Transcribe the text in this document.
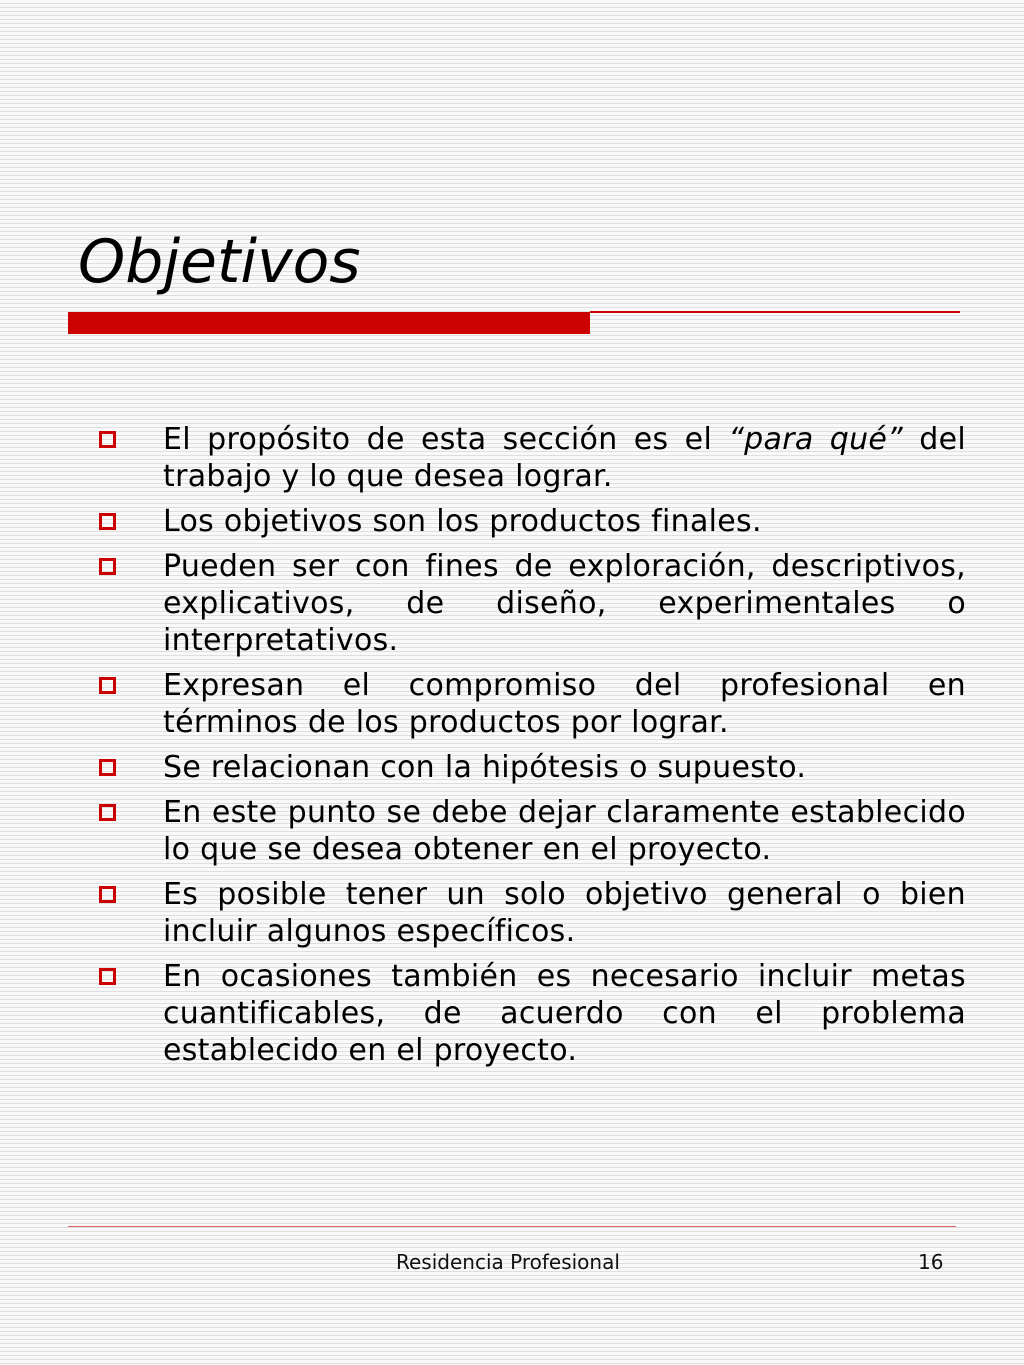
Objetivos
El propósito de esta sección es el “para qué” del trabajo y lo que desea lograr.
Los objetivos son los productos finales.
Pueden ser con fines de exploración, descriptivos, explicativos, de diseño, experimentales o interpretativos.
Expresan el compromiso del profesional en términos de los productos por lograr.
Se relacionan con la hipótesis o supuesto.
En este punto se debe dejar claramente establecido lo que se desea obtener en el proyecto.
Es posible tener un solo objetivo general o bien incluir algunos específicos.
En ocasiones también es necesario incluir metas cuantificables, de acuerdo con el problema establecido en el proyecto.
Residencia Profesional	16
